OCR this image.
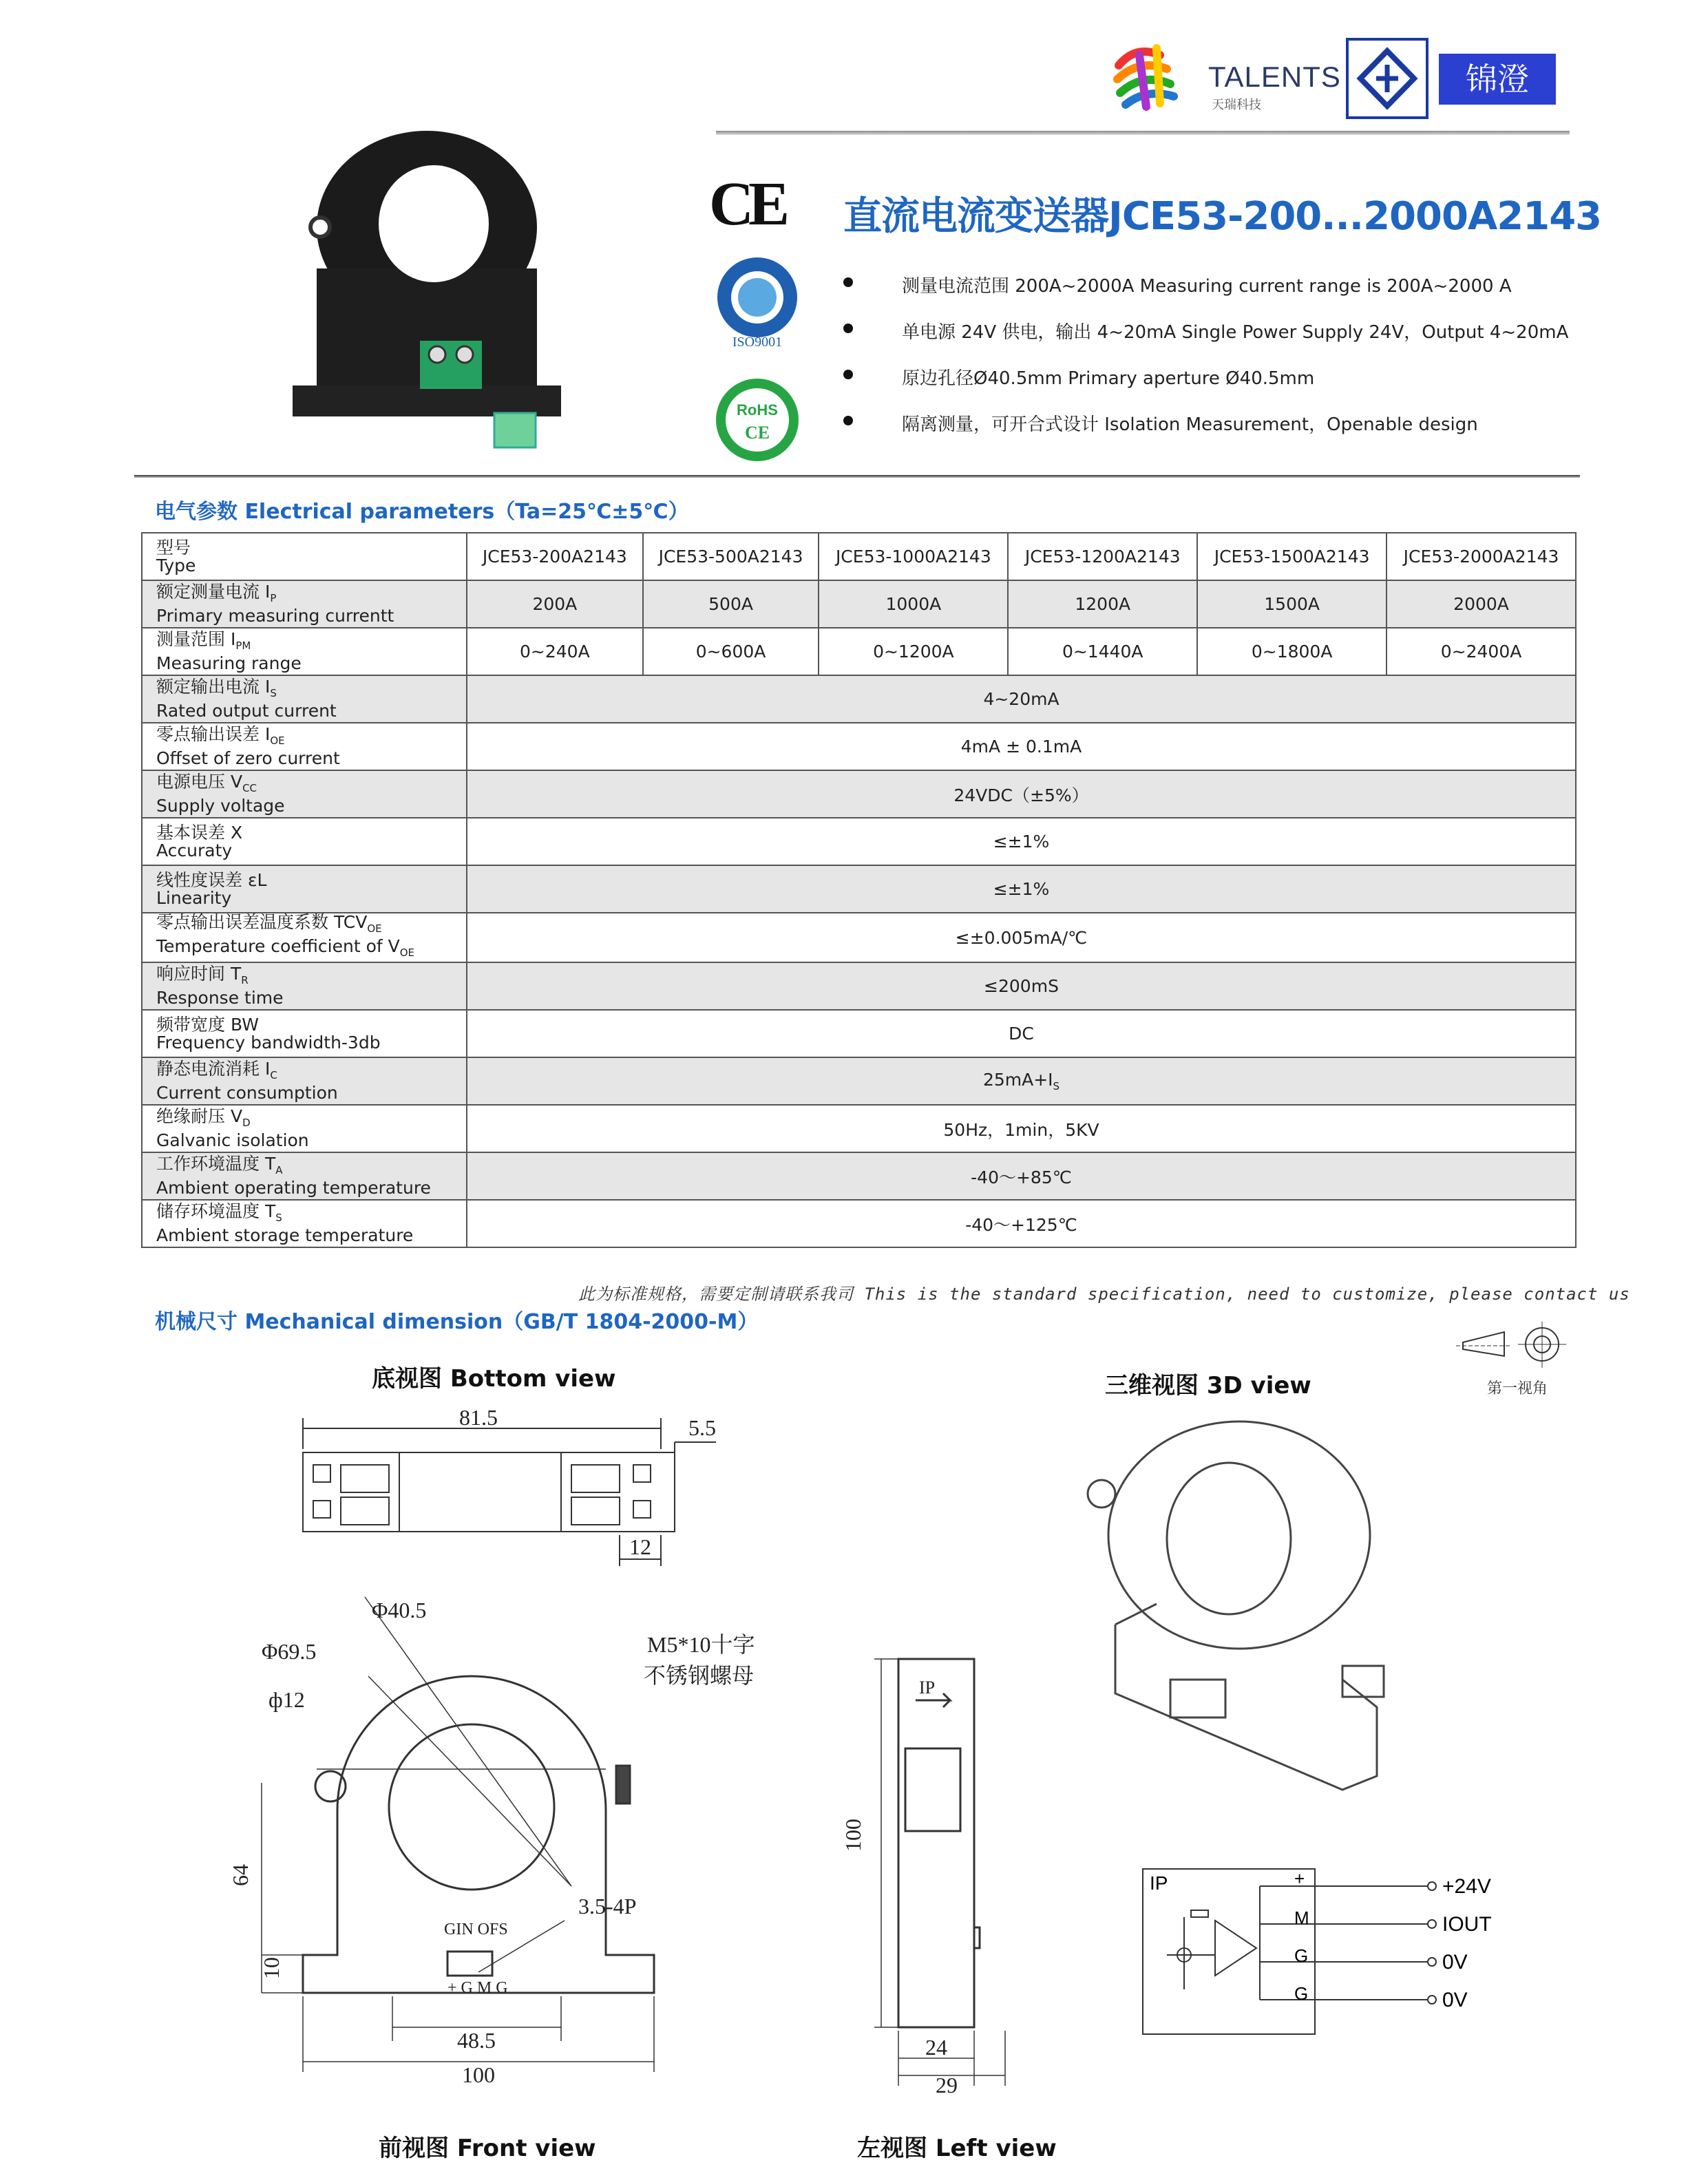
TALENTS
天瑞科技
锦澄
CE
ISO9001
RoHS
CE
直流电流变送器JCE53-200...2000A2143
测量电流范围 200A~2000A Measuring current range is 200A~2000 A
单电源 24V 供电，输出 4~20mA Single Power Supply 24V，Output 4~20mA
原边孔径Ø40.5mm Primary aperture Ø40.5mm
隔离测量，可开合式设计 Isolation Measurement，Openable design
电气参数 Electrical parameters（Ta=25℃±5℃）
型号
Type	JCE53-200A2143	JCE53-500A2143	JCE53-1000A2143	JCE53-1200A2143	JCE53-1500A2143	JCE53-2000A2143

额定测量电流 $I_P$
Primary measuring currentt	200A	500A	1000A	1200A	1500A	2000A

测量范围 $I_{PM}$
Measuring range	0~240A	0~600A	0~1200A	0~1440A	0~1800A	0~2400A

额定输出电流 $I_S$
Rated output current	4~20mA					

零点输出误差 $I_{OE}$
Offset of zero current	4mA ± 0.1mA					

电源电压 $V_{CC}$
Supply voltage	24VDC（±5%）					

基本误差 X
Accuraty	≤±1%					

线性度误差 εL
Linearity	≤±1%					

零点输出误差温度系数 $TCV_{OE}$
Temperature coefficient of $V_{OE}$	≤±0.005mA/℃					

响应时间 $T_R$
Response time	≤200mS					

频带宽度 BW
Frequency bandwidth-3db	DC					

静态电流消耗 $I_C$
Current consumption	$25mA+I_S$

绝缘耐压 $V_D$
Galvanic isolation	50Hz，1min，5KV					

工作环境温度 $T_A$
Ambient operating temperature	-40～+85℃					

储存环境温度 $T_S$
Ambient storage temperature	-40～+125℃					
此为标准规格，需要定制请联系我司 This is the standard specification, need to customize, please contact us
机械尺寸 Mechanical dimension（GB/T 1804-2000-M）
第一视角
底视图 Bottom view	三维视图 3D view
前视图 Front view	左视图 Left view
81.5	5.5
12
Φ40.5
Φ69.5
ф12
M5*10十字
不锈钢螺母
64
10
48.5
100
3.5-4P
GIN OFS
+ G M G
100
24
29
IP
IP	+
M
G
G
+24V
IOUT
0V
0V
